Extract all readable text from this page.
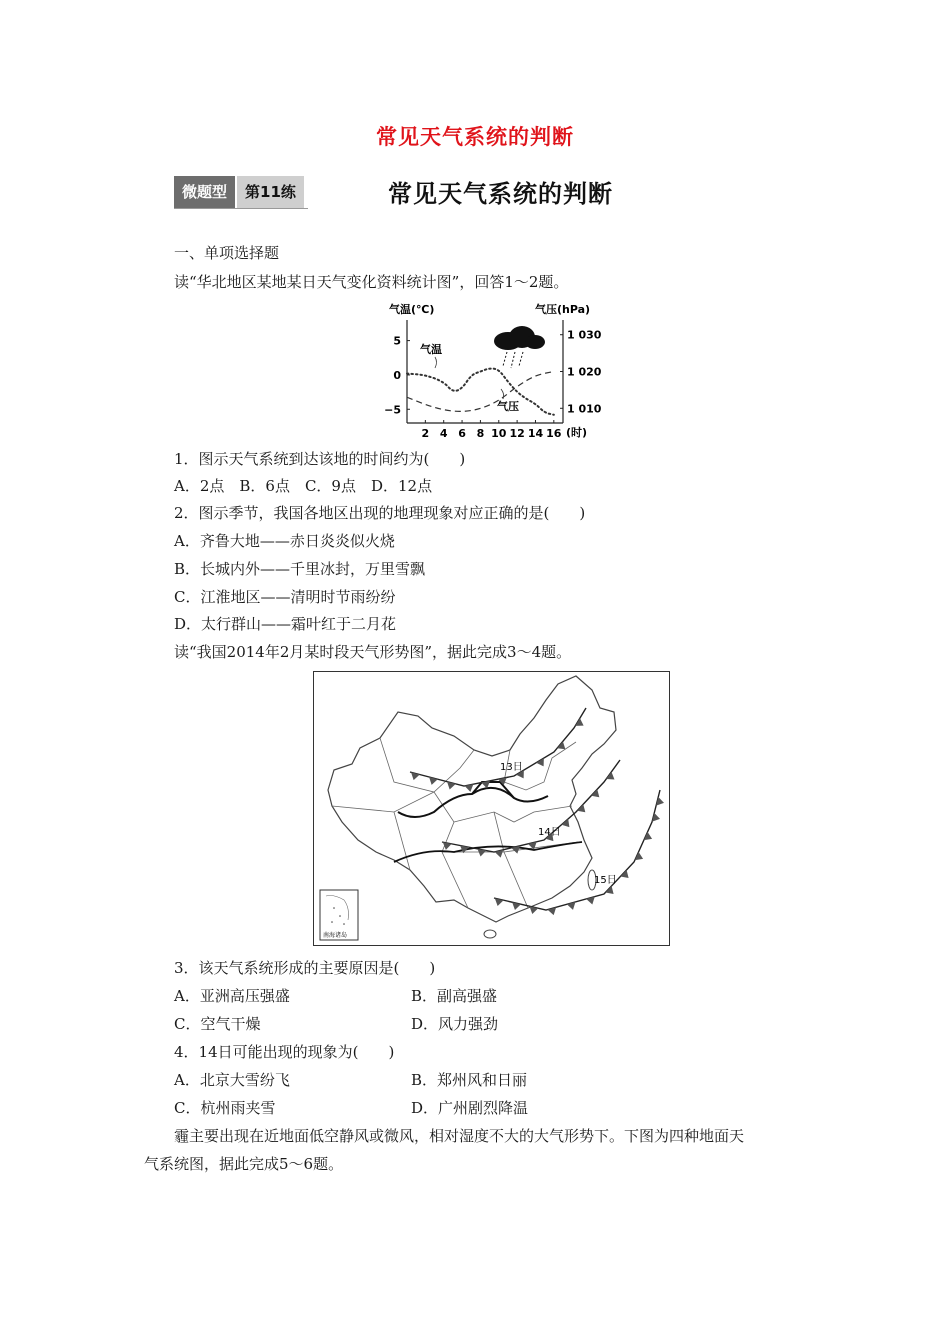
常见天气系统的判断
微题型	第11练	常见天气系统的判断
一、单项选择题
读“华北地区某地某日天气变化资料统计图”，回答1～2题。
气温(℃)	气压(hPa)
2 4 6 8 10 12 14 16
5
0
−5
1 030
1 020
1 010
气温
气压
(时)
1．图示天气系统到达该地的时间约为(　　)
A．2点　B．6点　C．9点　D．12点
2．图示季节，我国各地区出现的地理现象对应正确的是(　　)
A．齐鲁大地——赤日炎炎似火烧
B．长城内外——千里冰封，万里雪飘
C．江淮地区——清明时节雨纷纷
D．太行群山——霜叶红于二月花
读“我国2014年2月某时段天气形势图”，据此完成3～4题。
13日
14日
15日
南海诸岛
3．该天气系统形成的主要原因是(　　)
A．亚洲高压强盛	B．副高强盛
C．空气干燥	D．风力强劲
4．14日可能出现的现象为(　　)
A．北京大雪纷飞	B．郑州风和日丽
C．杭州雨夹雪	D．广州剧烈降温
霾主要出现在近地面低空静风或微风，相对湿度不大的大气形势下。下图为四种地面天
气系统图，据此完成5～6题。
